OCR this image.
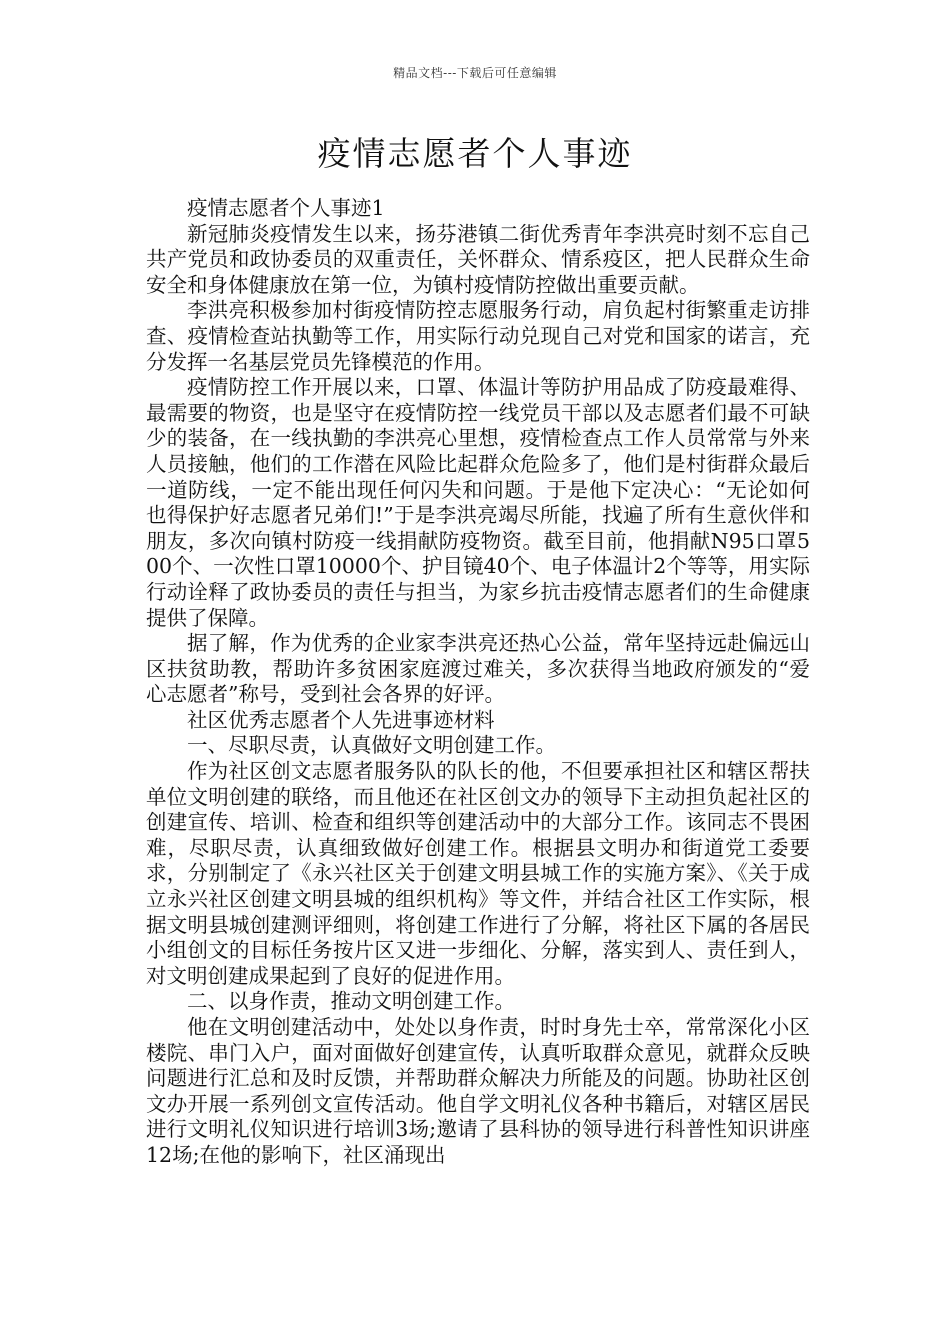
精品文档---下载后可任意编辑
疫情志愿者个人事迹

疫情志愿者个人事迹1

新冠肺炎疫情发生以来，扬芬港镇二街优秀青年李洪亮时刻不忘自己共产党员和政协委员的双重责任，关怀群众、情系疫区，把人民群众生命安全和身体健康放在第一位，为镇村疫情防控做出重要贡献。

李洪亮积极参加村街疫情防控志愿服务行动，肩负起村街繁重走访排查、疫情检查站执勤等工作，用实际行动兑现自己对党和国家的诺言，充分发挥一名基层党员先锋模范的作用。

疫情防控工作开展以来，口罩、体温计等防护用品成了防疫最难得、最需要的物资，也是坚守在疫情防控一线党员干部以及志愿者们最不可缺少的装备，在一线执勤的李洪亮心里想，疫情检查点工作人员常常与外来人员接触，他们的工作潜在风险比起群众危险多了，他们是村街群众最后一道防线，一定不能出现任何闪失和问题。于是他下定决心：“无论如何也得保护好志愿者兄弟们!”于是李洪亮竭尽所能，找遍了所有生意伙伴和朋友，多次向镇村防疫一线捐献防疫物资。截至目前，他捐献N95口罩500个、一次性口罩10000个、护目镜40个、电子体温计2个等等，用实际行动诠释了政协委员的责任与担当，为家乡抗击疫情志愿者们的生命健康提供了保障。

据了解，作为优秀的企业家李洪亮还热心公益，常年坚持远赴偏远山区扶贫助教，帮助许多贫困家庭渡过难关，多次获得当地政府颁发的“爱心志愿者”称号，受到社会各界的好评。

社区优秀志愿者个人先进事迹材料

一、尽职尽责，认真做好文明创建工作。

作为社区创文志愿者服务队的队长的他，不但要承担社区和辖区帮扶单位文明创建的联络，而且他还在社区创文办的领导下主动担负起社区的创建宣传、培训、检查和组织等创建活动中的大部分工作。该同志不畏困难，尽职尽责，认真细致做好创建工作。根据县文明办和街道党工委要求，分别制定了《永兴社区关于创建文明县城工作的实施方案》、《关于成立永兴社区创建文明县城的组织机构》等文件，并结合社区工作实际，根据文明县城创建测评细则，将创建工作进行了分解，将社区下属的各居民小组创文的目标任务按片区又进一步细化、分解，落实到人、责任到人，对文明创建成果起到了良好的促进作用。

二、以身作责，推动文明创建工作。

他在文明创建活动中，处处以身作责，时时身先士卒，常常深化小区楼院、串门入户，面对面做好创建宣传，认真听取群众意见，就群众反映问题进行汇总和及时反馈，并帮助群众解决力所能及的问题。协助社区创文办开展一系列创文宣传活动。他自学文明礼仪各种书籍后，对辖区居民进行文明礼仪知识进行培训3场;邀请了县科协的领导进行科普性知识讲座12场;在他的影响下，社区涌现出
